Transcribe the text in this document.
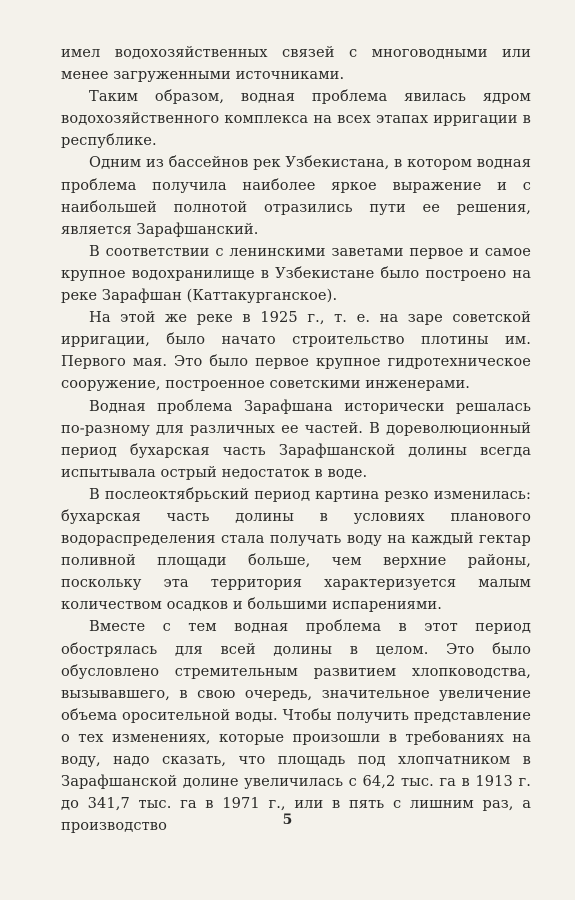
имел водохозяйственных связей с многоводными или менее загруженными источниками.

Таким образом, водная проблема явилась ядром водохозяйственного комплекса на всех этапах ирригации в республике.

Одним из бассейнов рек Узбекистана, в котором водная проблема получила наиболее яркое выражение и с наибольшей полнотой отразились пути ее решения, является Зарафшанский.

В соответствии с ленинскими заветами первое и самое крупное водохранилище в Узбекистане было построено на реке Зарафшан (Каттакурганское).

На этой же реке в 1925 г., т. е. на заре советской ирригации, было начато строительство плотины им. Первого мая. Это было первое крупное гидротехническое сооружение, построенное советскими инженерами.

Водная проблема Зарафшана исторически решалась по-разному для различных ее частей. В дореволюционный период бухарская часть Зарафшанской долины всегда испытывала острый недостаток в воде.

В послеоктябрьский период картина резко изменилась: бухарская часть долины в условиях планового водораспределения стала получать воду на каждый гектар поливной площади больше, чем верхние районы, поскольку эта территория характеризуется малым количеством осадков и большими испарениями.

Вместе с тем водная проблема в этот период обострялась для всей долины в целом. Это было обусловлено стремительным развитием хлопководства, вызывавшего, в свою очередь, значительное увеличение объема оросительной воды. Чтобы получить представление о тех изменениях, которые произошли в требованиях на воду, надо сказать, что площадь под хлопчатником в Зарафшанской долине увеличилась с 64,2 тыс. га в 1913 г. до 341,7 тыс. га в 1971 г., или в пять с лишним раз, а производство	5
